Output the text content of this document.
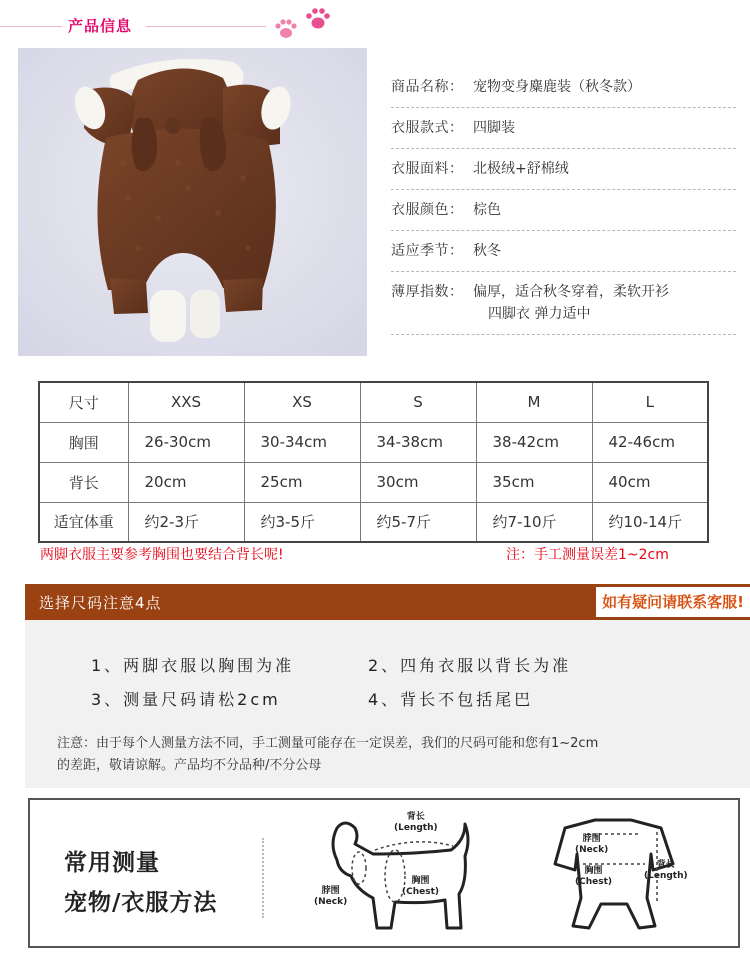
产品信息
商品名称： 宠物变身麋鹿装（秋冬款）
衣服款式： 四脚装
衣服面料： 北极绒+舒棉绒
衣服颜色： 棕色
适应季节： 秋冬
薄厚指数： 偏厚，适合秋冬穿着，柔软开衫
四脚衣 弹力适中
尺寸	XXS	XS	S	M	L
胸围	26-30cm	30-34cm	34-38cm	38-42cm	42-46cm
背长	20cm	25cm	30cm	35cm	40cm
适宜体重	约2-3斤	约3-5斤	约5-7斤	约7-10斤	约10-14斤
两脚衣服主要参考胸围也要结合背长呢!	注：手工测量误差1~2cm
选择尺码注意4点	如有疑问请联系客服!
1、两脚衣服以胸围为准	2、四角衣服以背长为准
3、测量尺码请松2cm	4、背长不包括尾巴
注意：由于每个人测量方法不同，手工测量可能存在一定误差，我们的尺码可能和您有1~2cm
的差距，敬请谅解。产品均不分品种/不分公母
常用测量
宠物/衣服方法
背长
(Length)
脖围
(Neck)
胸围
(Chest)
脖围
(Neck)
胸围
(Chest)
背长
(Length)
